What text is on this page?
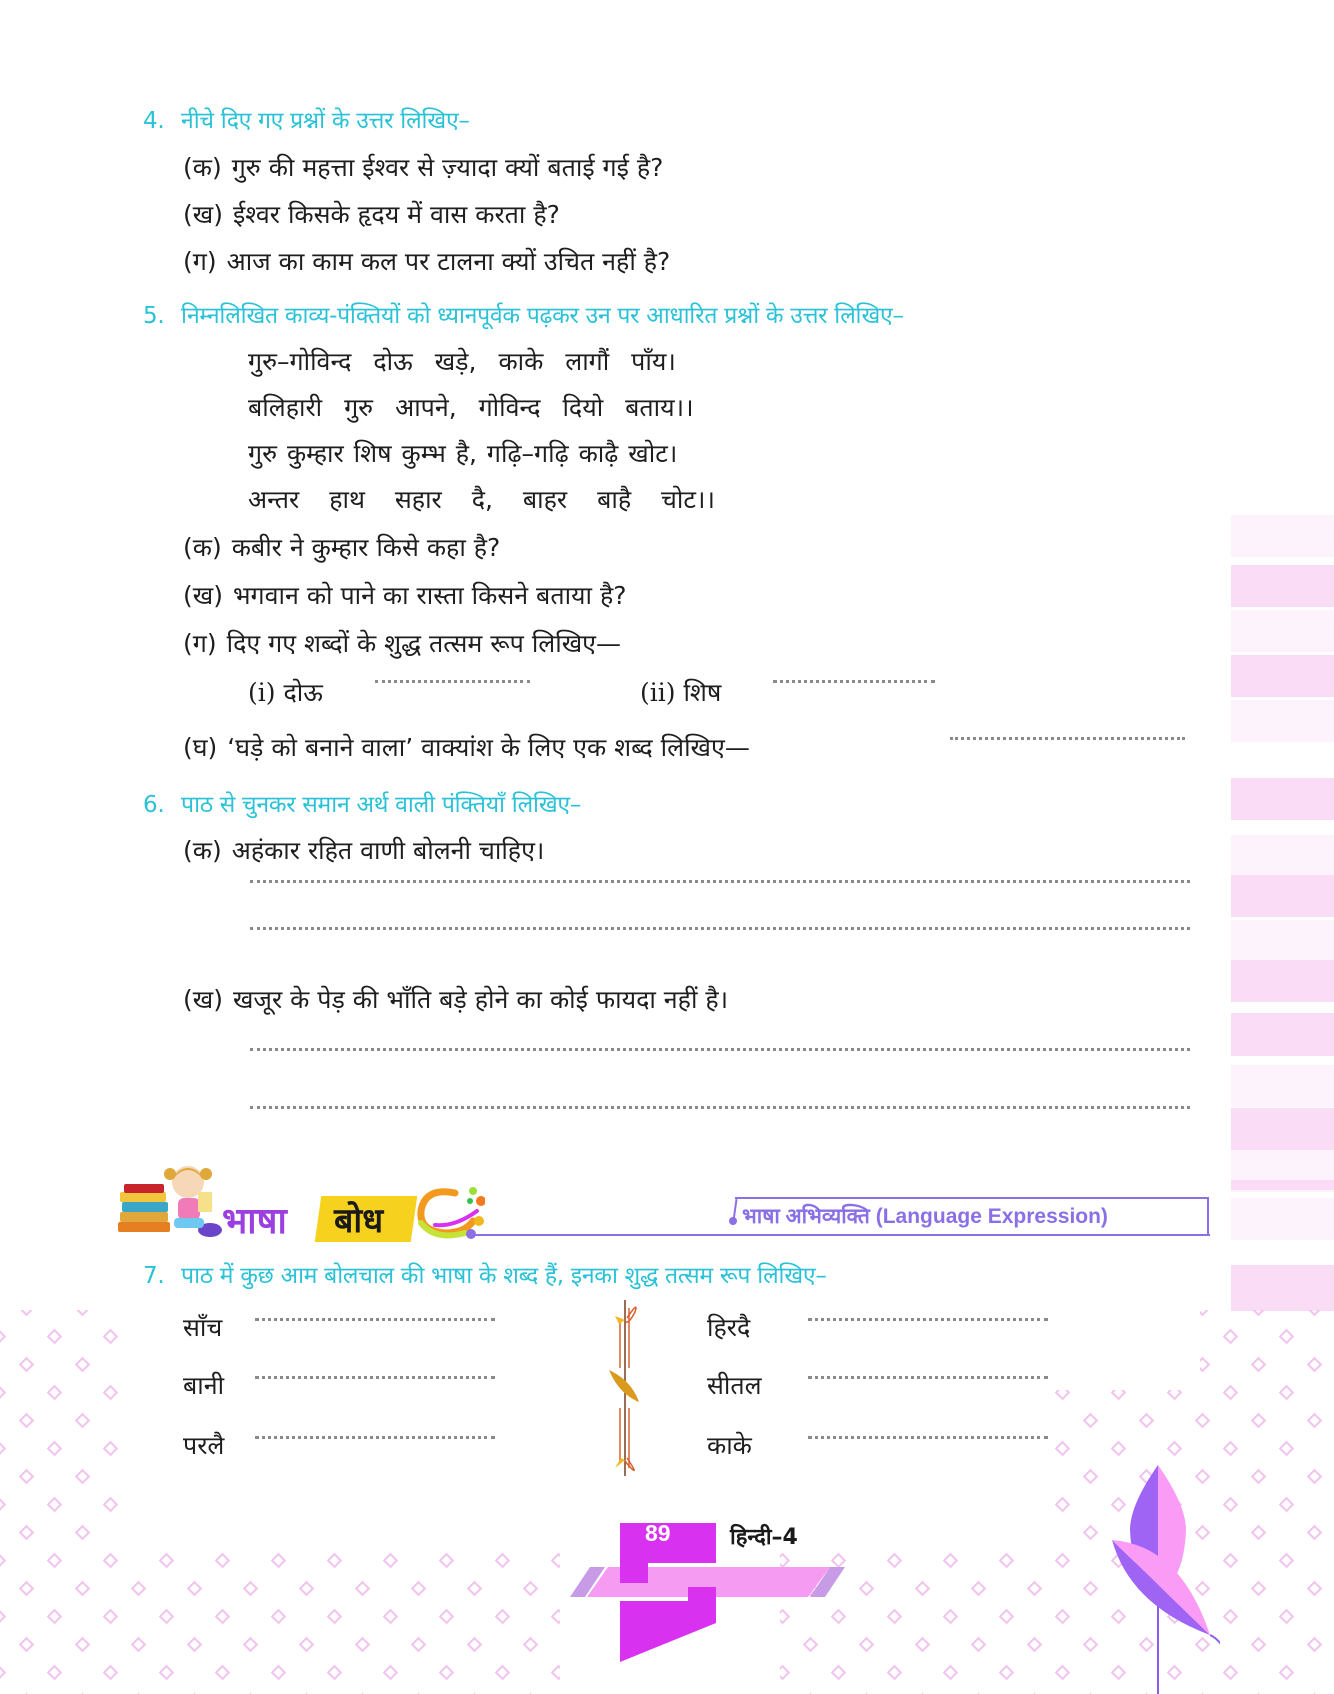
4. नीचे दिए गए प्रश्नों के उत्तर लिखिए–
(क) गुरु की महत्ता ईश्वर से ज़्यादा क्यों बताई गई है?
(ख) ईश्वर किसके हृदय में वास करता है?
(ग) आज का काम कल पर टालना क्यों उचित नहीं है?
5. निम्नलिखित काव्य-पंक्तियों को ध्यानपूर्वक पढ़कर उन पर आधारित प्रश्नों के उत्तर लिखिए–
गुरु–गोविन्द दोऊ खड़े, काके लागौं पाँय।
बलिहारी गुरु आपने, गोविन्द दियो बताय।।
गुरु कुम्हार शिष कुम्भ है, गढ़ि–गढ़ि काढ़ै खोट।
अन्तर हाथ सहार दै, बाहर बाहै चोट।।
(क) कबीर ने कुम्हार किसे कहा है?
(ख) भगवान को पाने का रास्ता किसने बताया है?
(ग) दिए गए शब्दों के शुद्ध तत्सम रूप लिखिए—
(i) दोऊ	(ii) शिष
(घ) ‘घड़े को बनाने वाला’ वाक्यांश के लिए एक शब्द लिखिए—
6. पाठ से चुनकर समान अर्थ वाली पंक्तियाँ लिखिए–
(क) अहंकार रहित वाणी बोलनी चाहिए।
(ख) खजूर के पेड़ की भाँति बड़े होने का कोई फायदा नहीं है।
भाषा बोध	भाषा अभिव्यक्ति (Language Expression)
7. पाठ में कुछ आम बोलचाल की भाषा के शब्द हैं, इनका शुद्ध तत्सम रूप लिखिए–
साँच
बानी
परलै
हिरदै
सीतल
काके
89	हिन्दी–4
